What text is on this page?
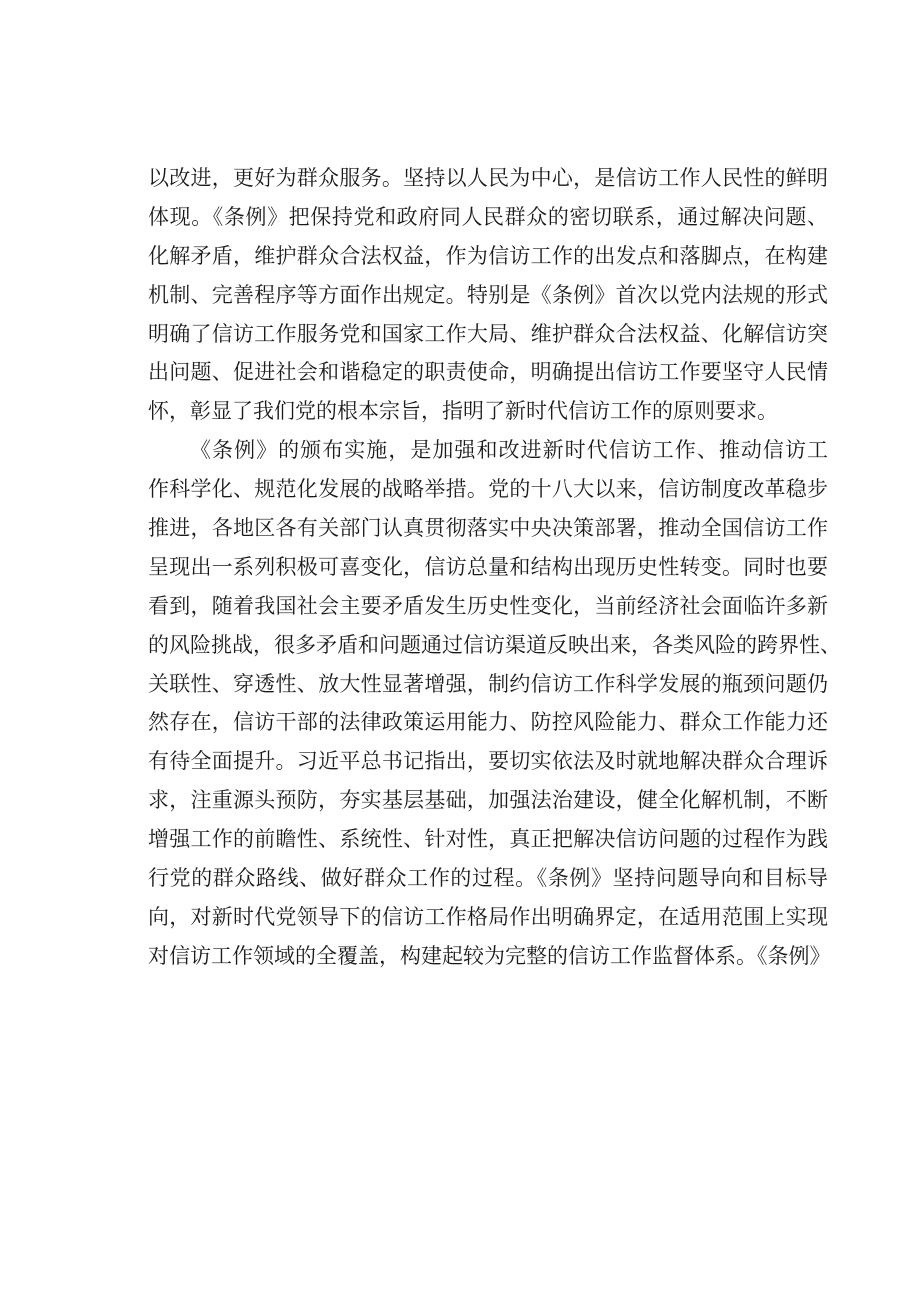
以改进，更好为群众服务。坚持以人民为中心，是信访工作人民性的鲜明
体现。《条例》把保持党和政府同人民群众的密切联系，通过解决问题、
化解矛盾，维护群众合法权益，作为信访工作的出发点和落脚点，在构建
机制、完善程序等方面作出规定。特别是《条例》首次以党内法规的形式
明确了信访工作服务党和国家工作大局、维护群众合法权益、化解信访突
出问题、促进社会和谐稳定的职责使命，明确提出信访工作要坚守人民情
怀，彰显了我们党的根本宗旨，指明了新时代信访工作的原则要求。
《条例》的颁布实施，是加强和改进新时代信访工作、推动信访工
作科学化、规范化发展的战略举措。党的十八大以来，信访制度改革稳步
推进，各地区各有关部门认真贯彻落实中央决策部署，推动全国信访工作
呈现出一系列积极可喜变化，信访总量和结构出现历史性转变。同时也要
看到，随着我国社会主要矛盾发生历史性变化，当前经济社会面临许多新
的风险挑战，很多矛盾和问题通过信访渠道反映出来，各类风险的跨界性、
关联性、穿透性、放大性显著增强，制约信访工作科学发展的瓶颈问题仍
然存在，信访干部的法律政策运用能力、防控风险能力、群众工作能力还
有待全面提升。习近平总书记指出，要切实依法及时就地解决群众合理诉
求，注重源头预防，夯实基层基础，加强法治建设，健全化解机制，不断
增强工作的前瞻性、系统性、针对性，真正把解决信访问题的过程作为践
行党的群众路线、做好群众工作的过程。《条例》坚持问题导向和目标导
向，对新时代党领导下的信访工作格局作出明确界定，在适用范围上实现
对信访工作领域的全覆盖，构建起较为完整的信访工作监督体系。《条例》
